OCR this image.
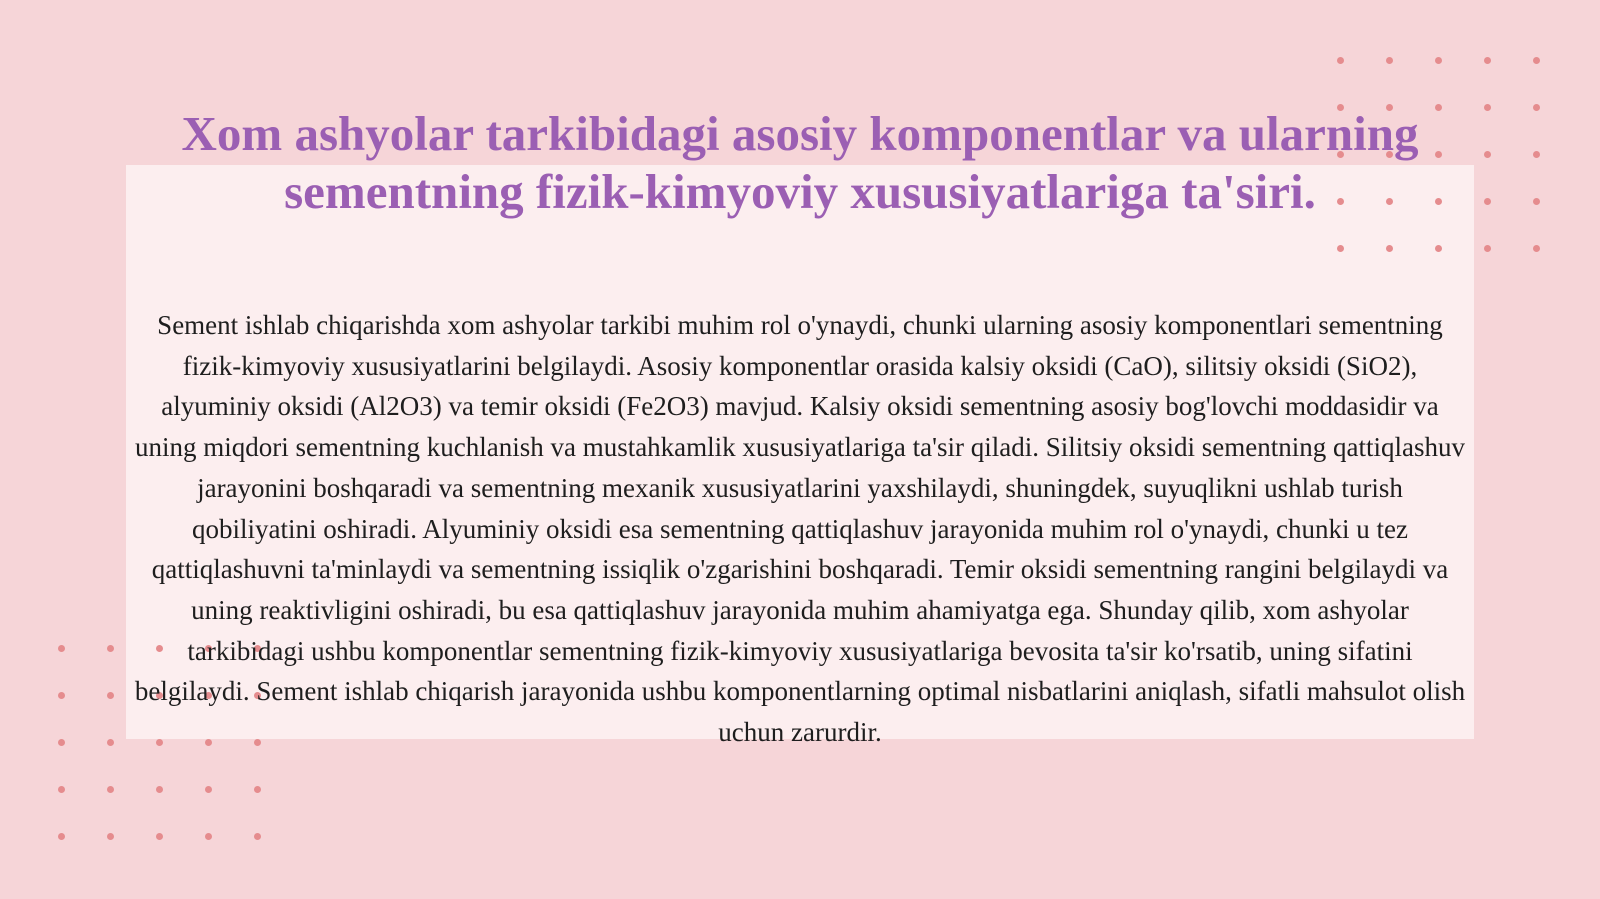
Xom ashyolar tarkibidagi asosiy komponentlar va ularning sementning fizik-kimyoviy xususiyatlariga ta'siri.

Sement ishlab chiqarishda xom ashyolar tarkibi muhim rol o'ynaydi, chunki ularning asosiy komponentlari sementning fizik-kimyoviy xususiyatlarini belgilaydi. Asosiy komponentlar orasida kalsiy oksidi (CaO), silitsiy oksidi (SiO2), alyuminiy oksidi (Al2O3) va temir oksidi (Fe2O3) mavjud. Kalsiy oksidi sementning asosiy bog'lovchi moddasidir va uning miqdori sementning kuchlanish va mustahkamlik xususiyatlariga ta'sir qiladi. Silitsiy oksidi sementning qattiqlashuv jarayonini boshqaradi va sementning mexanik xususiyatlarini yaxshilaydi, shuningdek, suyuqlikni ushlab turish qobiliyatini oshiradi. Alyuminiy oksidi esa sementning qattiqlashuv jarayonida muhim rol o'ynaydi, chunki u tez qattiqlashuvni ta'minlaydi va sementning issiqlik o'zgarishini boshqaradi. Temir oksidi sementning rangini belgilaydi va uning reaktivligini oshiradi, bu esa qattiqlashuv jarayonida muhim ahamiyatga ega. Shunday qilib, xom ashyolar tarkibidagi ushbu komponentlar sementning fizik-kimyoviy xususiyatlariga bevosita ta'sir ko'rsatib, uning sifatini belgilaydi. Sement ishlab chiqarish jarayonida ushbu komponentlarning optimal nisbatlarini aniqlash, sifatli mahsulot olish uchun zarurdir.
